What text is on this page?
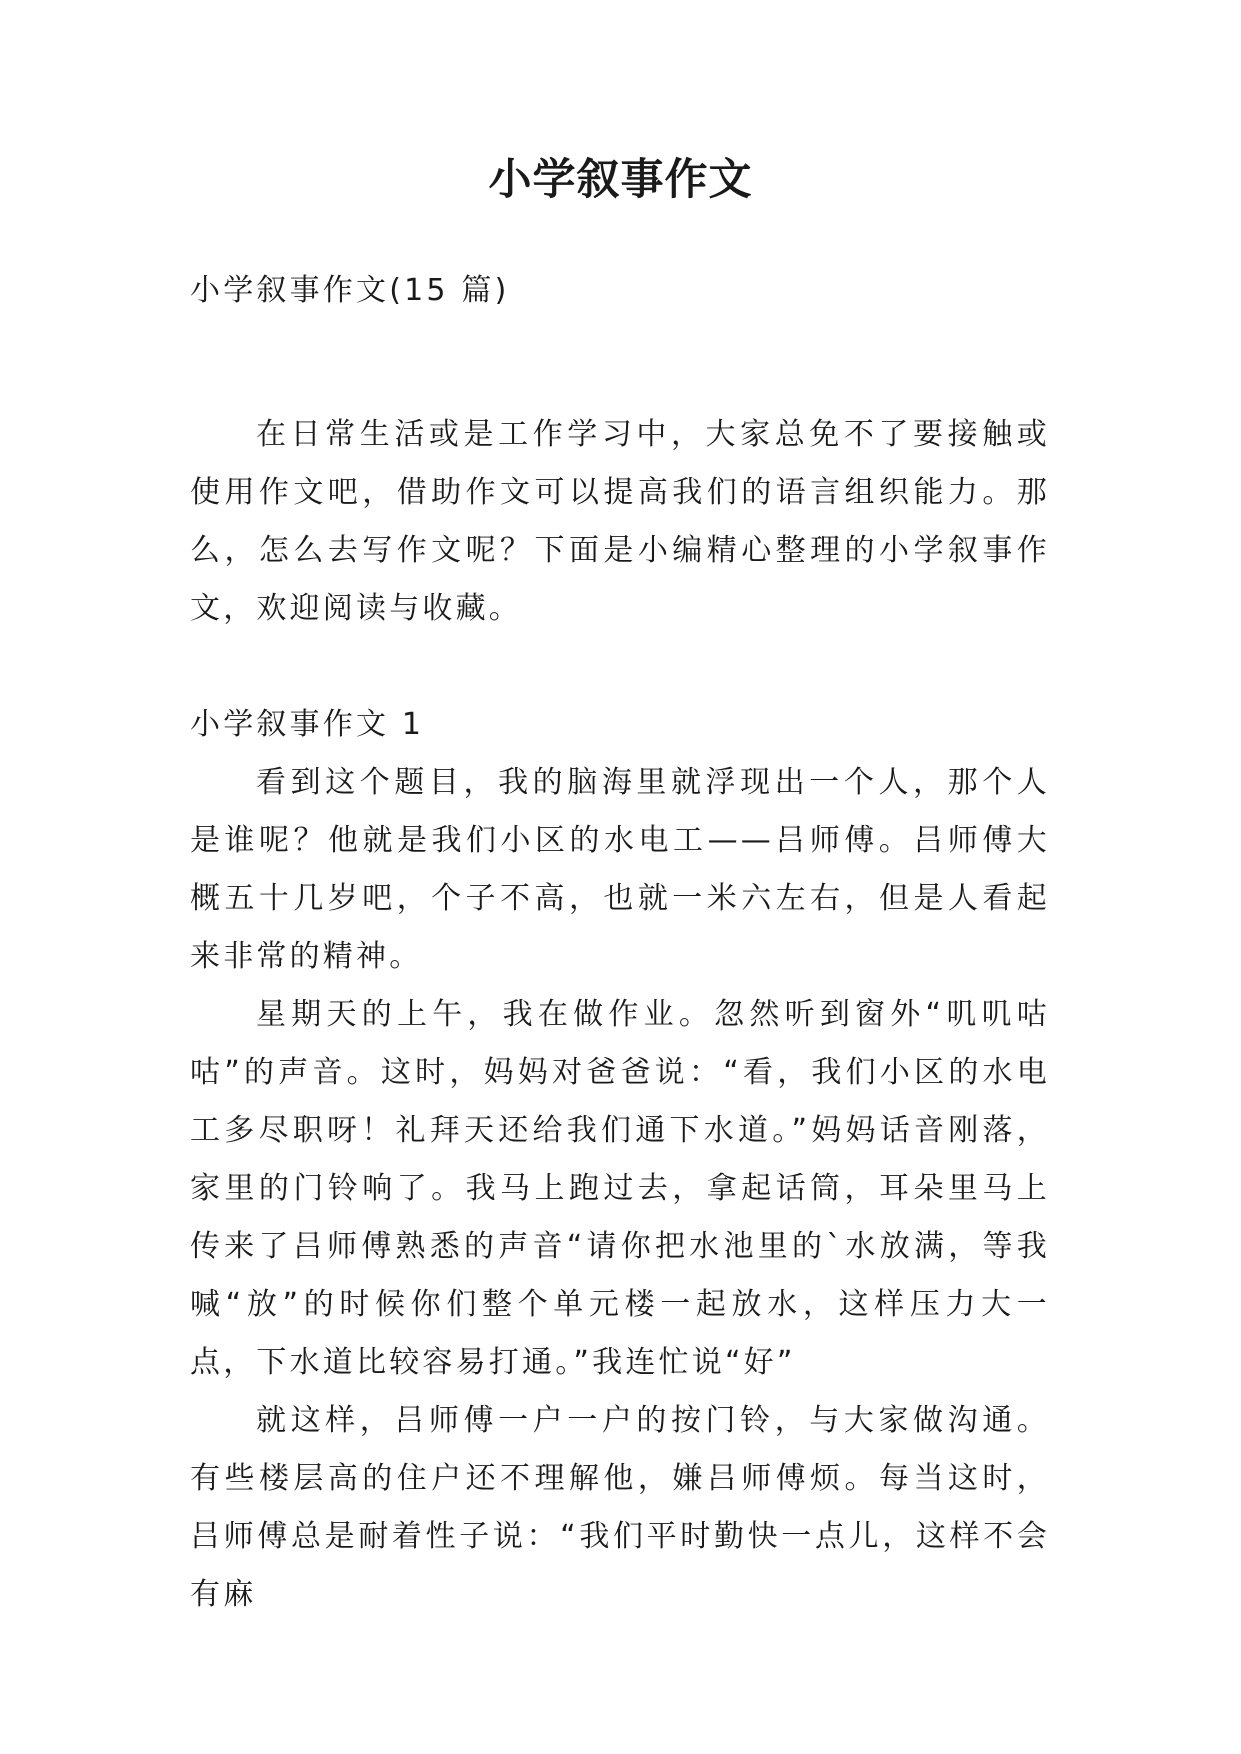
小学叙事作文
小学叙事作文(15 篇)
在日常生活或是工作学习中，大家总免不了要接触或使用作文吧，借助作文可以提高我们的语言组织能力。那么，怎么去写作文呢？下面是小编精心整理的小学叙事作文，欢迎阅读与收藏。
小学叙事作文 1

看到这个题目，我的脑海里就浮现出一个人，那个人是谁呢？他就是我们小区的水电工——吕师傅。吕师傅大概五十几岁吧，个子不高，也就一米六左右，但是人看起来非常的精神。

星期天的上午，我在做作业。忽然听到窗外“叽叽咕咕”的声音。这时，妈妈对爸爸说：“看，我们小区的水电工多尽职呀！礼拜天还给我们通下水道。”妈妈话音刚落，家里的门铃响了。我马上跑过去，拿起话筒，耳朵里马上传来了吕师傅熟悉的声音“请你把水池里的`水放满，等我喊“放”的时候你们整个单元楼一起放水，这样压力大一点，下水道比较容易打通。”我连忙说“好”

就这样，吕师傅一户一户的按门铃，与大家做沟通。有些楼层高的住户还不理解他，嫌吕师傅烦。每当这时，吕师傅总是耐着性子说：“我们平时勤快一点儿，这样不会有麻
